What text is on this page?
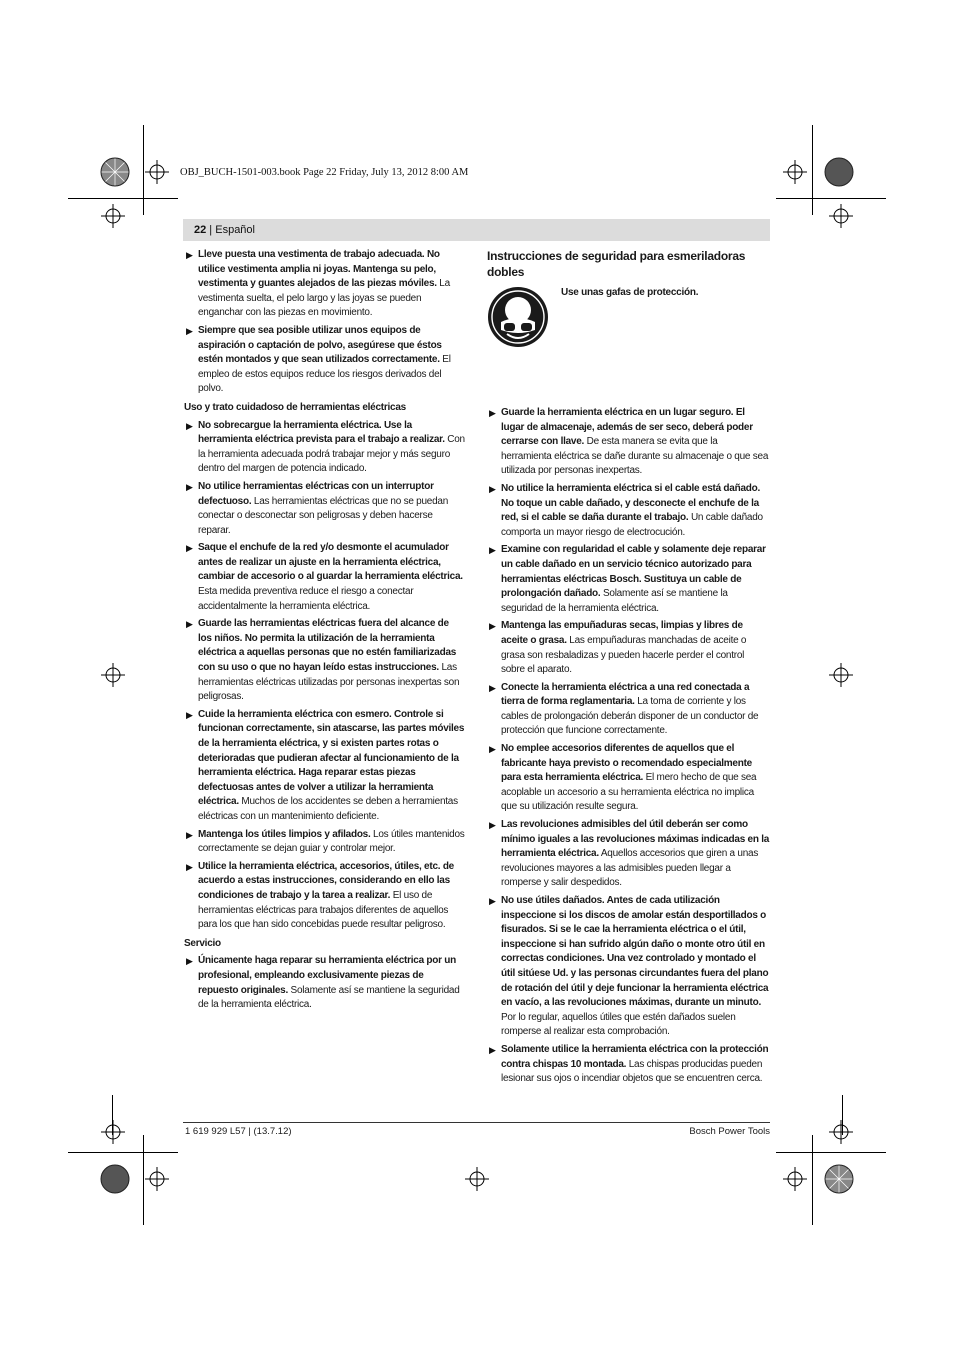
OBJ_BUCH-1501-003.book Page 22 Friday, July 13, 2012 8:00 AM
22 | Español

▶ Lleve puesta una vestimenta de trabajo adecuada. No utilice vestimenta amplia ni joyas. Mantenga su pelo, vestimenta y guantes alejados de las piezas móviles. La vestimenta suelta, el pelo largo y las joyas se pueden enganchar con las piezas en movimiento.

▶ Siempre que sea posible utilizar unos equipos de aspiración o captación de polvo, asegúrese que éstos estén montados y que sean utilizados correctamente. El empleo de estos equipos reduce los riesgos derivados del polvo.

Uso y trato cuidadoso de herramientas eléctricas

▶ No sobrecargue la herramienta eléctrica. Use la herramienta eléctrica prevista para el trabajo a realizar. Con la herramienta adecuada podrá trabajar mejor y más seguro dentro del margen de potencia indicado.

▶ No utilice herramientas eléctricas con un interruptor defectuoso. Las herramientas eléctricas que no se puedan conectar o desconectar son peligrosas y deben hacerse reparar.

▶ Saque el enchufe de la red y/o desmonte el acumulador antes de realizar un ajuste en la herramienta eléctrica, cambiar de accesorio o al guardar la herramienta eléctrica. Esta medida preventiva reduce el riesgo a conectar accidentalmente la herramienta eléctrica.

▶ Guarde las herramientas eléctricas fuera del alcance de los niños. No permita la utilización de la herramienta eléctrica a aquellas personas que no estén familiarizadas con su uso o que no hayan leído estas instrucciones. Las herramientas eléctricas utilizadas por personas inexpertas son peligrosas.

▶ Cuide la herramienta eléctrica con esmero. Controle si funcionan correctamente, sin atascarse, las partes móviles de la herramienta eléctrica, y si existen partes rotas o deterioradas que pudieran afectar al funcionamiento de la herramienta eléctrica. Haga reparar estas piezas defectuosas antes de volver a utilizar la herramienta eléctrica. Muchos de los accidentes se deben a herramientas eléctricas con un mantenimiento deficiente.

▶ Mantenga los útiles limpios y afilados. Los útiles mantenidos correctamente se dejan guiar y controlar mejor.

▶ Utilice la herramienta eléctrica, accesorios, útiles, etc. de acuerdo a estas instrucciones, considerando en ello las condiciones de trabajo y la tarea a realizar. El uso de herramientas eléctricas para trabajos diferentes de aquellos para los que han sido concebidas puede resultar peligroso.

Servicio

▶ Únicamente haga reparar su herramienta eléctrica por un profesional, empleando exclusivamente piezas de repuesto originales. Solamente así se mantiene la seguridad de la herramienta eléctrica.

Instrucciones de seguridad para esmeriladoras dobles
Use unas gafas de protección.

▶ Guarde la herramienta eléctrica en un lugar seguro. El lugar de almacenaje, además de ser seco, deberá poder cerrarse con llave. De esta manera se evita que la herramienta eléctrica se dañe durante su almacenaje o que sea utilizada por personas inexpertas.

▶ No utilice la herramienta eléctrica si el cable está dañado. No toque un cable dañado, y desconecte el enchufe de la red, si el cable se daña durante el trabajo. Un cable dañado comporta un mayor riesgo de electrocución.

▶ Examine con regularidad el cable y solamente deje reparar un cable dañado en un servicio técnico autorizado para herramientas eléctricas Bosch. Sustituya un cable de prolongación dañado. Solamente así se mantiene la seguridad de la herramienta eléctrica.

▶ Mantenga las empuñaduras secas, limpias y libres de aceite o grasa. Las empuñaduras manchadas de aceite o grasa son resbaladizas y pueden hacerle perder el control sobre el aparato.

▶ Conecte la herramienta eléctrica a una red conectada a tierra de forma reglamentaria. La toma de corriente y los cables de prolongación deberán disponer de un conductor de protección que funcione correctamente.

▶ No emplee accesorios diferentes de aquellos que el fabricante haya previsto o recomendado especialmente para esta herramienta eléctrica. El mero hecho de que sea acoplable un accesorio a su herramienta eléctrica no implica que su utilización resulte segura.

▶ Las revoluciones admisibles del útil deberán ser como mínimo iguales a las revoluciones máximas indicadas en la herramienta eléctrica. Aquellos accesorios que giren a unas revoluciones mayores a las admisibles pueden llegar a romperse y salir despedidos.

▶ No use útiles dañados. Antes de cada utilización inspeccione si los discos de amolar están desportillados o fisurados. Si se le cae la herramienta eléctrica o el útil, inspeccione si han sufrido algún daño o monte otro útil en correctas condiciones. Una vez controlado y montado el útil sitúese Ud. y las personas circundantes fuera del plano de rotación del útil y deje funcionar la herramienta eléctrica en vacío, a las revoluciones máximas, durante un minuto. Por lo regular, aquellos útiles que estén dañados suelen romperse al realizar esta comprobación.

▶ Solamente utilice la herramienta eléctrica con la protección contra chispas 10 montada. Las chispas producidas pueden lesionar sus ojos o incendiar objetos que se encuentren cerca.

1 619 929 L57 | (13.7.12)	Bosch Power Tools
